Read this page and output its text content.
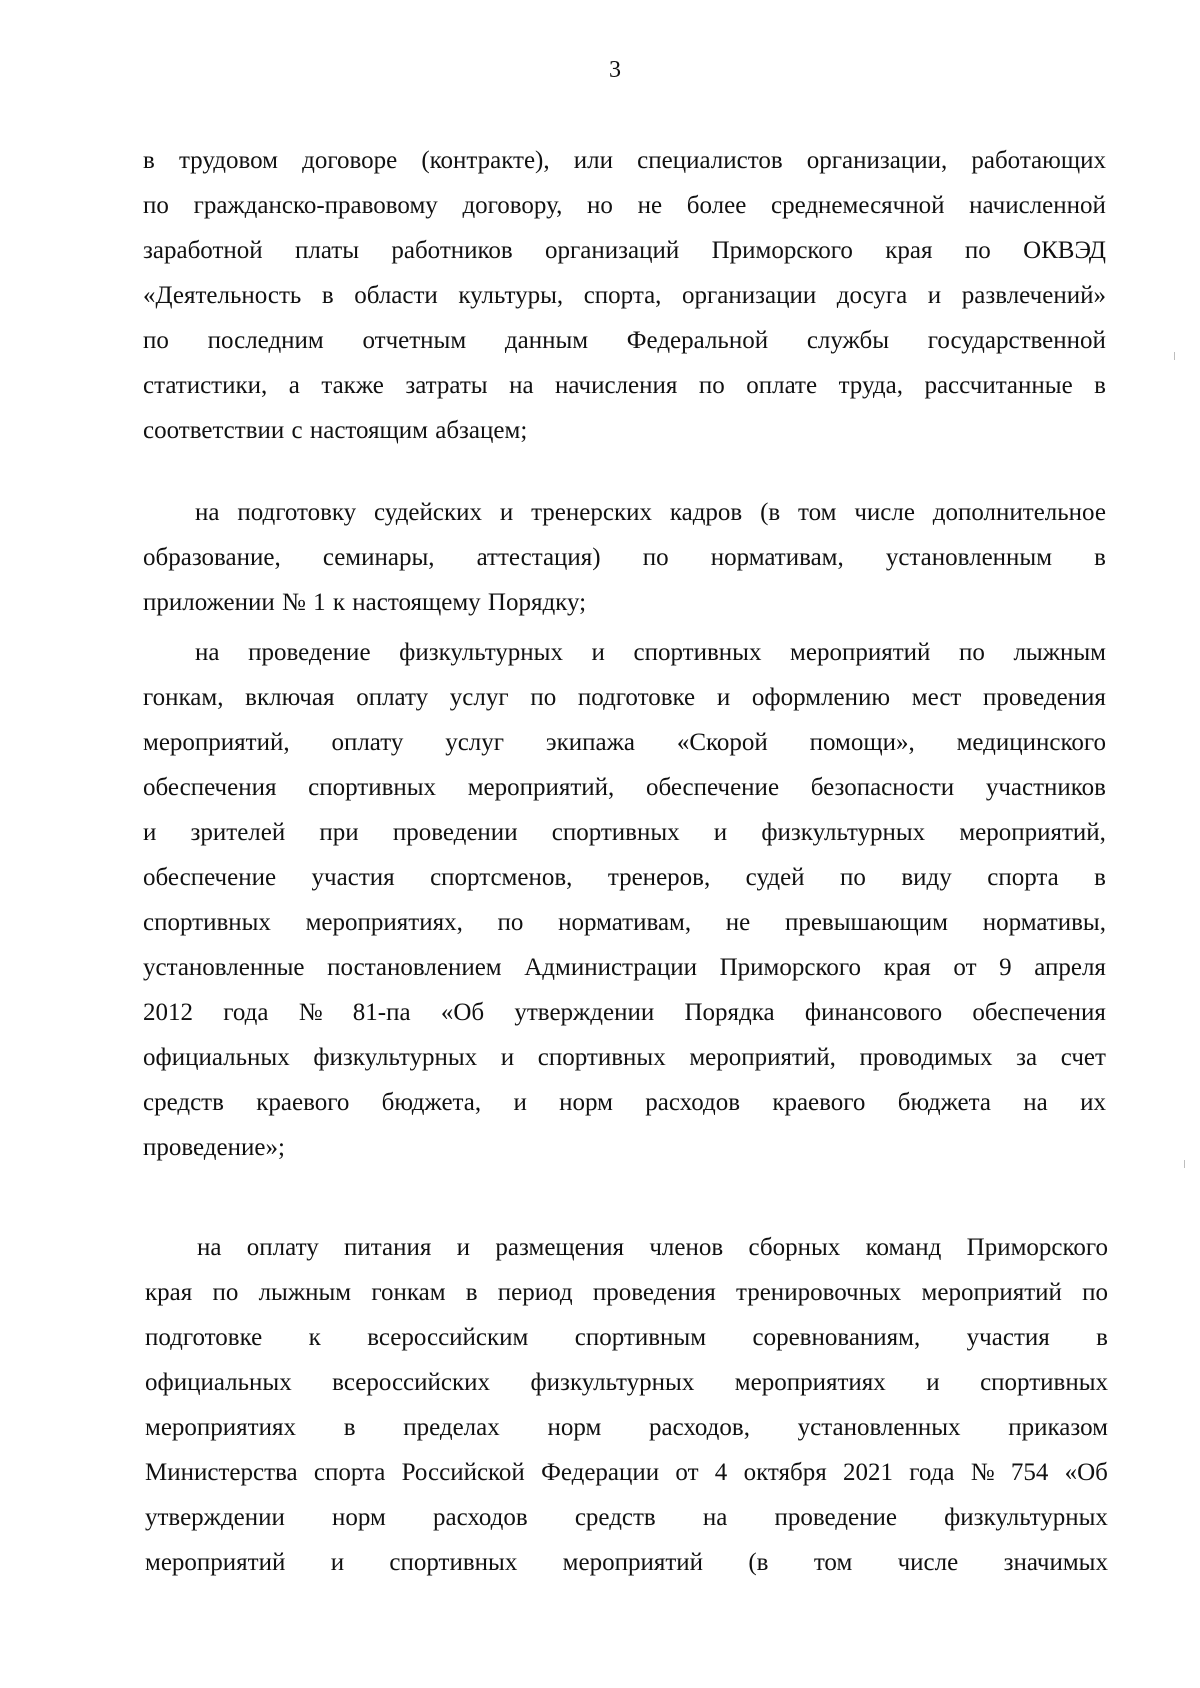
3
в трудовом договоре (контракте), или специалистов организации, работающих
по гражданско-правовому договору, но не более среднемесячной начисленной
заработной платы работников организаций Приморского края по ОКВЭД
«Деятельность в области культуры, спорта, организации досуга и развлечений»
по последним отчетным данным Федеральной службы государственной
статистики, а также затраты на начисления по оплате труда, рассчитанные в
соответствии с настоящим абзацем;
на подготовку судейских и тренерских кадров (в том числе дополнительное
образование, семинары, аттестация) по нормативам, установленным в
приложении № 1 к настоящему Порядку;
на проведение физкультурных и спортивных мероприятий по лыжным
гонкам, включая оплату услуг по подготовке и оформлению мест проведения
мероприятий, оплату услуг экипажа «Скорой помощи», медицинского
обеспечения спортивных мероприятий, обеспечение безопасности участников
и зрителей при проведении спортивных и физкультурных мероприятий,
обеспечение участия спортсменов, тренеров, судей по виду спорта в
спортивных мероприятиях, по нормативам, не превышающим нормативы,
установленные постановлением Администрации Приморского края от 9 апреля
2012 года № 81-па «Об утверждении Порядка финансового обеспечения
официальных физкультурных и спортивных мероприятий, проводимых за счет
средств краевого бюджета, и норм расходов краевого бюджета на их
проведение»;
на оплату питания и размещения членов сборных команд Приморского
края по лыжным гонкам в период проведения тренировочных мероприятий по
подготовке к всероссийским спортивным соревнованиям, участия в
официальных всероссийских физкультурных мероприятиях и спортивных
мероприятиях в пределах норм расходов, установленных приказом
Министерства спорта Российской Федерации от 4 октября 2021 года № 754 «Об
утверждении норм расходов средств на проведение физкультурных
мероприятий и спортивных мероприятий (в том числе значимых
